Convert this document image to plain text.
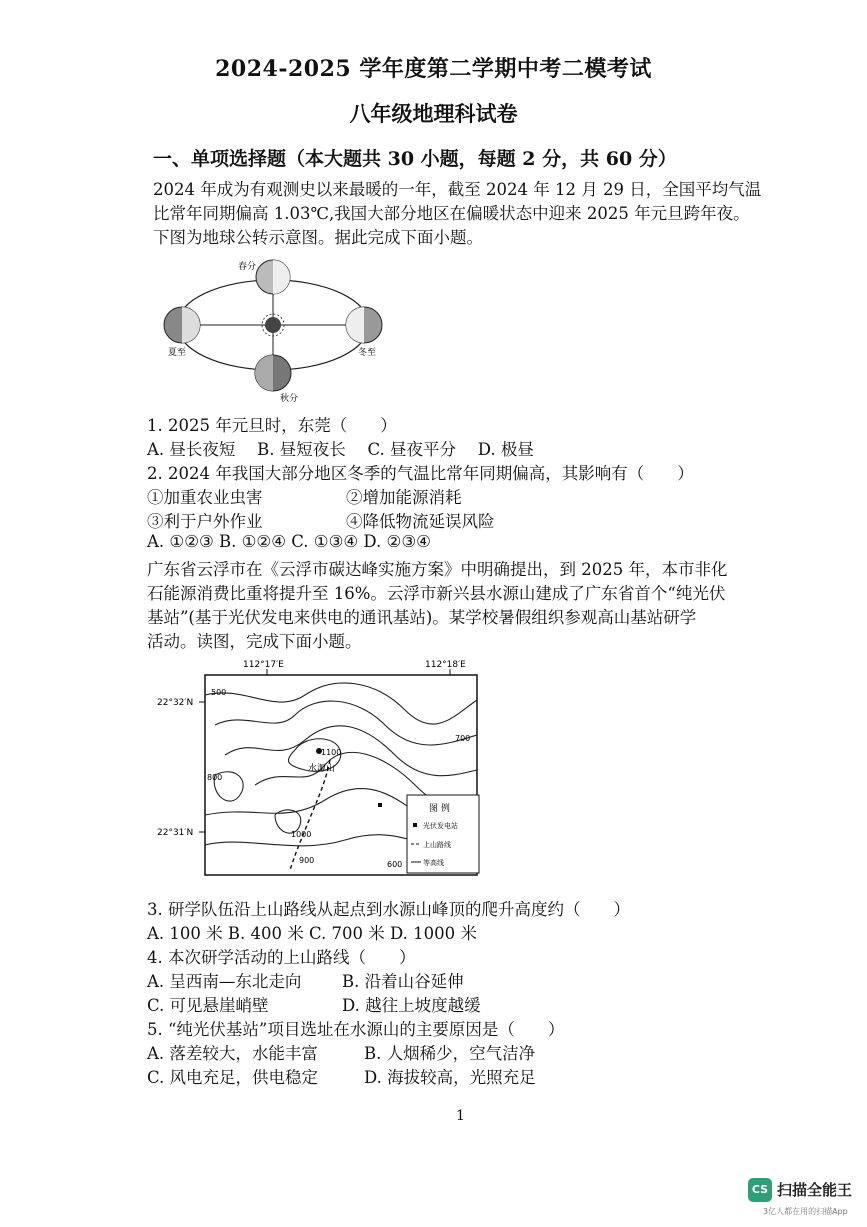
2024-2025 学年度第二学期中考二模考试
八年级地理科试卷
一、单项选择题（本大题共 30 小题，每题 2 分，共 60 分）
2024 年成为有观测史以来最暖的一年，截至 2024 年 12 月 29 日，全国平均气温
比常年同期偏高 1.03℃,我国大部分地区在偏暖状态中迎来 2025 年元旦跨年夜。
下图为地球公转示意图。据此完成下面小题。
春分
夏至	冬至
秋分
1. 2025 年元旦时，东莞（　　）
A. 昼长夜短　 B. 昼短夜长　 C. 昼夜平分　 D. 极昼
2. 2024 年我国大部分地区冬季的气温比常年同期偏高，其影响有（　　）
①加重农业虫害	②增加能源消耗
③利于户外作业	④降低物流延误风险
A. ①②③ B. ①②④ C. ①③④ D. ②③④
广东省云浮市在《云浮市碳达峰实施方案》中明确提出，到 2025 年，本市非化
石能源消费比重将提升至 16%。云浮市新兴县水源山建成了广东省首个“纯光伏
基站”(基于光伏发电来供电的通讯基站)。某学校暑假组织参观高山基站研学
活动。读图，完成下面小题。
112°17′E	112°18′E
22°32′N
22°31′N
500
700
800
900
1000
1100
600
水源山
图 例
光伏发电站
上山路线
等高线
3. 研学队伍沿上山路线从起点到水源山峰顶的爬升高度约（　　）
A. 100 米 B. 400 米 C. 700 米 D. 1000 米
4. 本次研学活动的上山路线（　　）
A. 呈西南—东北走向 B. 沿着山谷延伸
C. 可见悬崖峭壁	D. 越往上坡度越缓
5. “纯光伏基站”项目选址在水源山的主要原因是（　　）
A. 落差较大，水能丰富	B. 人烟稀少，空气洁净
C. 风电充足，供电稳定	D. 海拔较高，光照充足
1
CS 扫描全能王
3亿人都在用的扫描App
